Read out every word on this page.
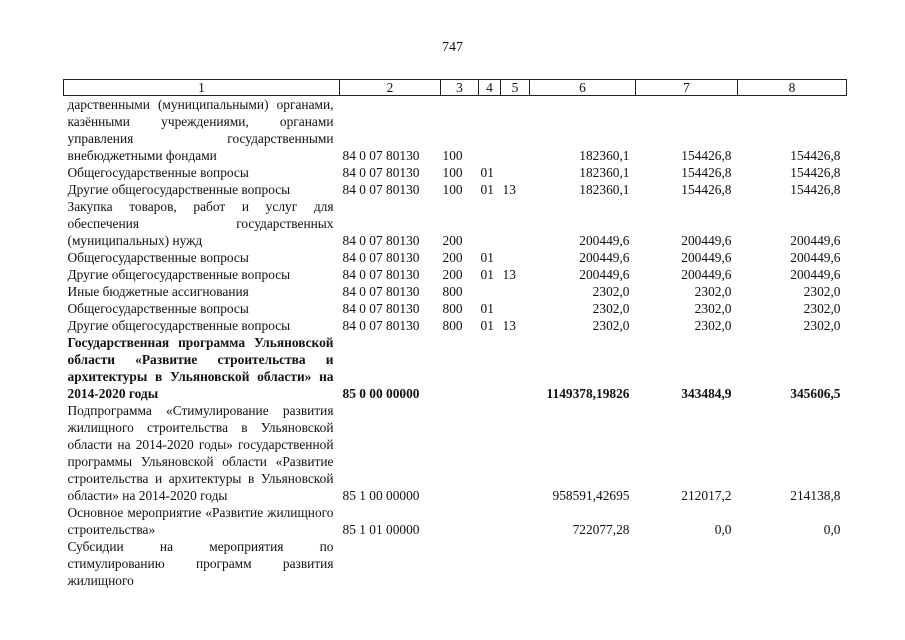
747
1	2	3	4	5	6	7	8
дарственными (муниципальными) органами, казёнными учреждениями, органами управления государственными внебюджетными фондами	84 0 07 80130	100			182360,1	154426,8	154426,8
Общегосударственные вопросы	84 0 07 80130	100	01		182360,1	154426,8	154426,8
Другие общегосударственные вопросы	84 0 07 80130	100	01	13	182360,1	154426,8	154426,8
Закупка товаров, работ и услуг для обеспечения государственных (муниципальных) нужд	84 0 07 80130	200			200449,6	200449,6	200449,6
Общегосударственные вопросы	84 0 07 80130	200	01		200449,6	200449,6	200449,6
Другие общегосударственные вопросы	84 0 07 80130	200	01	13	200449,6	200449,6	200449,6
Иные бюджетные ассигнования	84 0 07 80130	800			2302,0	2302,0	2302,0
Общегосударственные вопросы	84 0 07 80130	800	01		2302,0	2302,0	2302,0
Другие общегосударственные вопросы	84 0 07 80130	800	01	13	2302,0	2302,0	2302,0
Государственная программа Ульяновской области «Развитие строительства и архитектуры в Ульяновской области» на 2014-2020 годы	85 0 00 00000				1149378,19826	343484,9	345606,5
Подпрограмма «Стимулирование развития жилищного строительства в Ульяновской области на 2014-2020 годы» государственной программы Ульяновской области «Развитие строительства и архитектуры в Ульяновской области» на 2014-2020 годы	85 1 00 00000				958591,42695	212017,2	214138,8
Основное мероприятие «Развитие жилищного строительства»	85 1 01 00000				722077,28	0,0	0,0
Субсидии на мероприятия по стимулированию программ развития жилищного							
